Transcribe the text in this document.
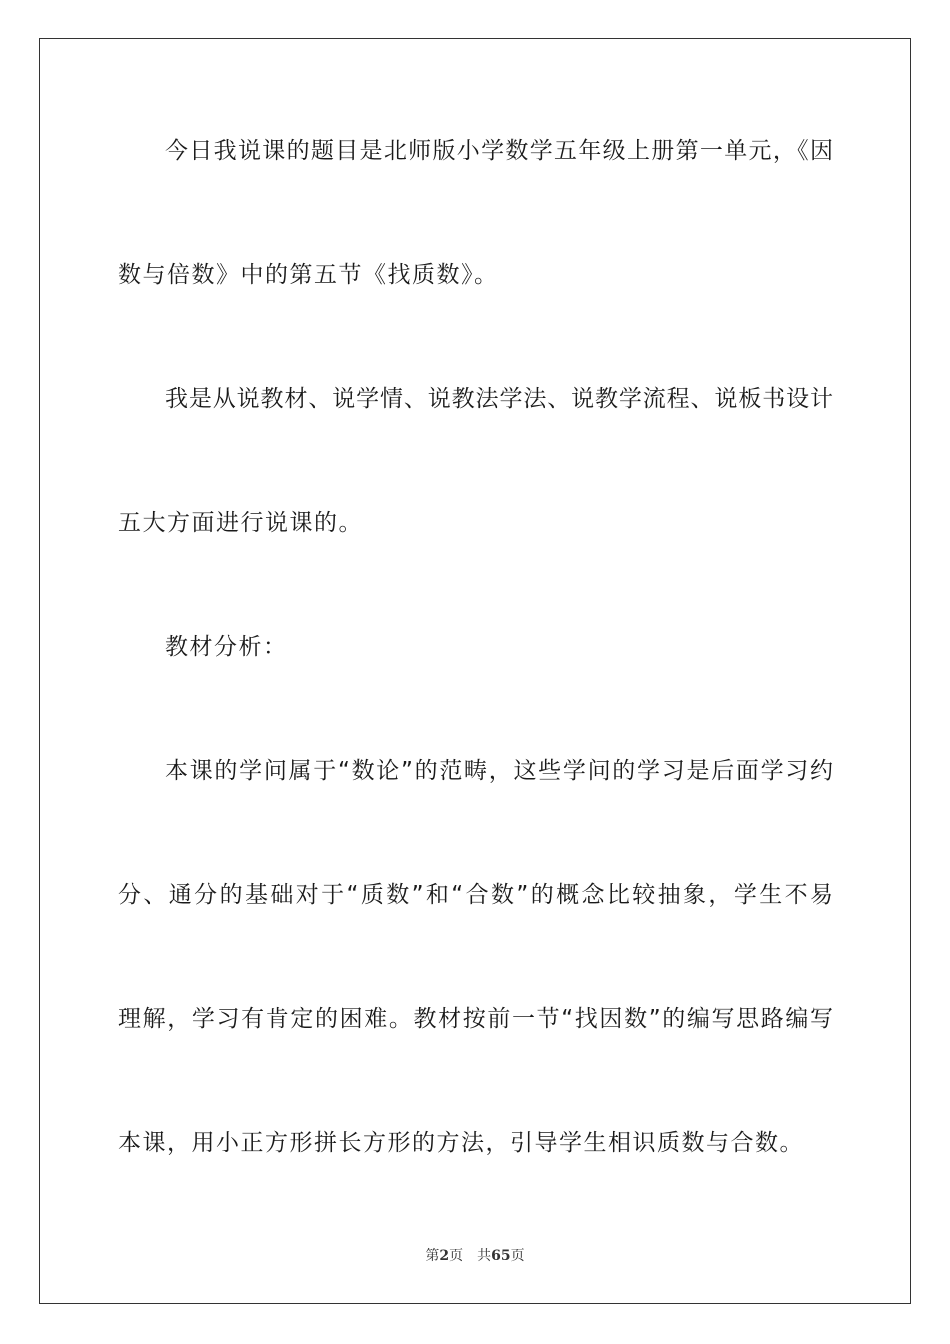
今日我说课的题目是北师版小学数学五年级上册第一单元，《因
数与倍数》中的第五节《找质数》。
我是从说教材、说学情、说教法学法、说教学流程、说板书设计
五大方面进行说课的。
教材分析：
本课的学问属于“数论”的范畴，这些学问的学习是后面学习约
分、通分的基础对于“质数”和“合数”的概念比较抽象，学生不易
理解，学习有肯定的困难。教材按前一节“找因数”的编写思路编写
本课，用小正方形拼长方形的方法，引导学生相识质数与合数。
第2页 共65页
